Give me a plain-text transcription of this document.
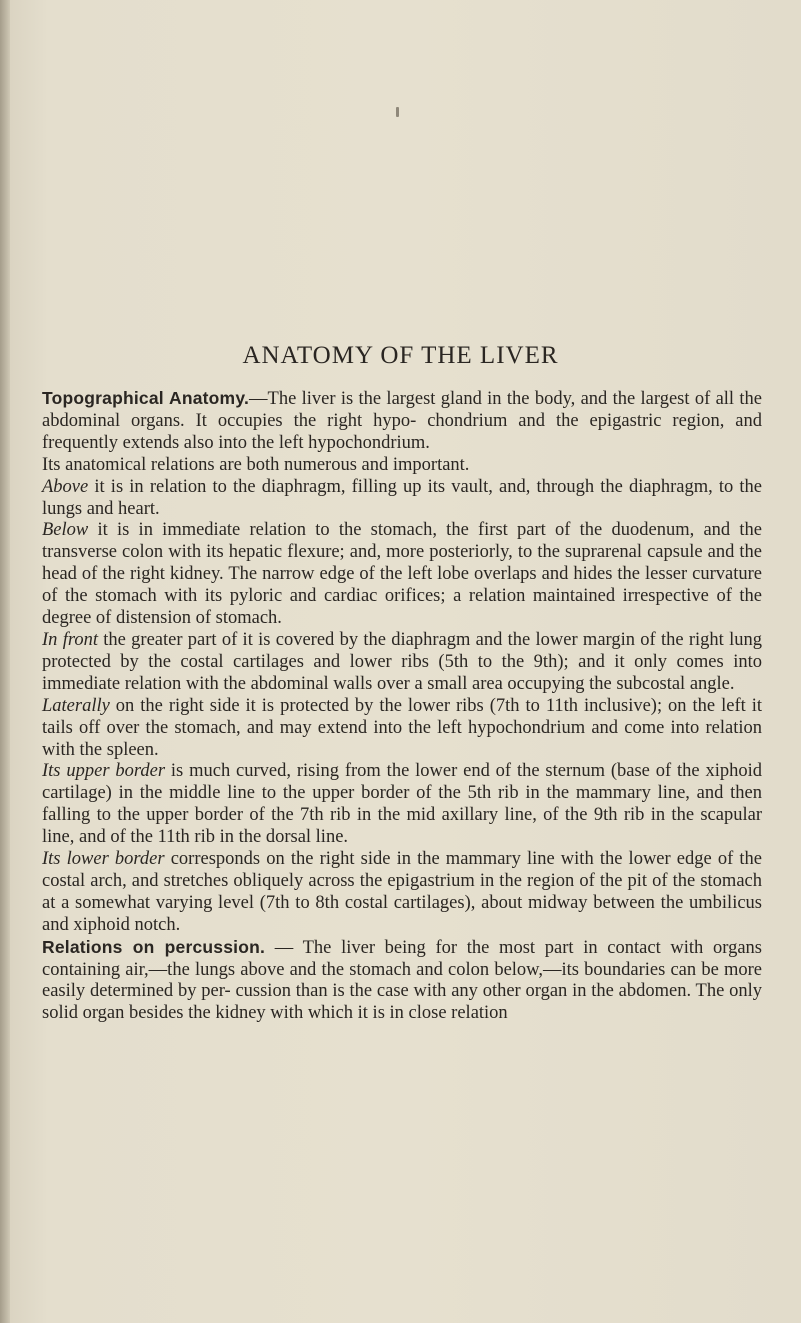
ANATOMY OF THE LIVER

Topographical Anatomy.—The liver is the largest gland in the body, and the largest of all the abdominal organs. It occupies the right hypo- chondrium and the epigastric region, and frequently extends also into the left hypochondrium.

Its anatomical relations are both numerous and important.

Above it is in relation to the diaphragm, filling up its vault, and, through the diaphragm, to the lungs and heart.

Below it is in immediate relation to the stomach, the first part of the duodenum, and the transverse colon with its hepatic flexure; and, more posteriorly, to the suprarenal capsule and the head of the right kidney. The narrow edge of the left lobe overlaps and hides the lesser curvature of the stomach with its pyloric and cardiac orifices; a relation maintained irrespective of the degree of distension of stomach.

In front the greater part of it is covered by the diaphragm and the lower margin of the right lung protected by the costal cartilages and lower ribs (5th to the 9th); and it only comes into immediate relation with the abdominal walls over a small area occupying the subcostal angle.

Laterally on the right side it is protected by the lower ribs (7th to 11th inclusive); on the left it tails off over the stomach, and may extend into the left hypochondrium and come into relation with the spleen.

Its upper border is much curved, rising from the lower end of the sternum (base of the xiphoid cartilage) in the middle line to the upper border of the 5th rib in the mammary line, and then falling to the upper border of the 7th rib in the mid axillary line, of the 9th rib in the scapular line, and of the 11th rib in the dorsal line.

Its lower border corresponds on the right side in the mammary line with the lower edge of the costal arch, and stretches obliquely across the epigastrium in the region of the pit of the stomach at a somewhat varying level (7th to 8th costal cartilages), about midway between the umbilicus and xiphoid notch.

Relations on percussion. — The liver being for the most part in contact with organs containing air,—the lungs above and the stomach and colon below,—its boundaries can be more easily determined by per- cussion than is the case with any other organ in the abdomen. The only solid organ besides the kidney with which it is in close relation
